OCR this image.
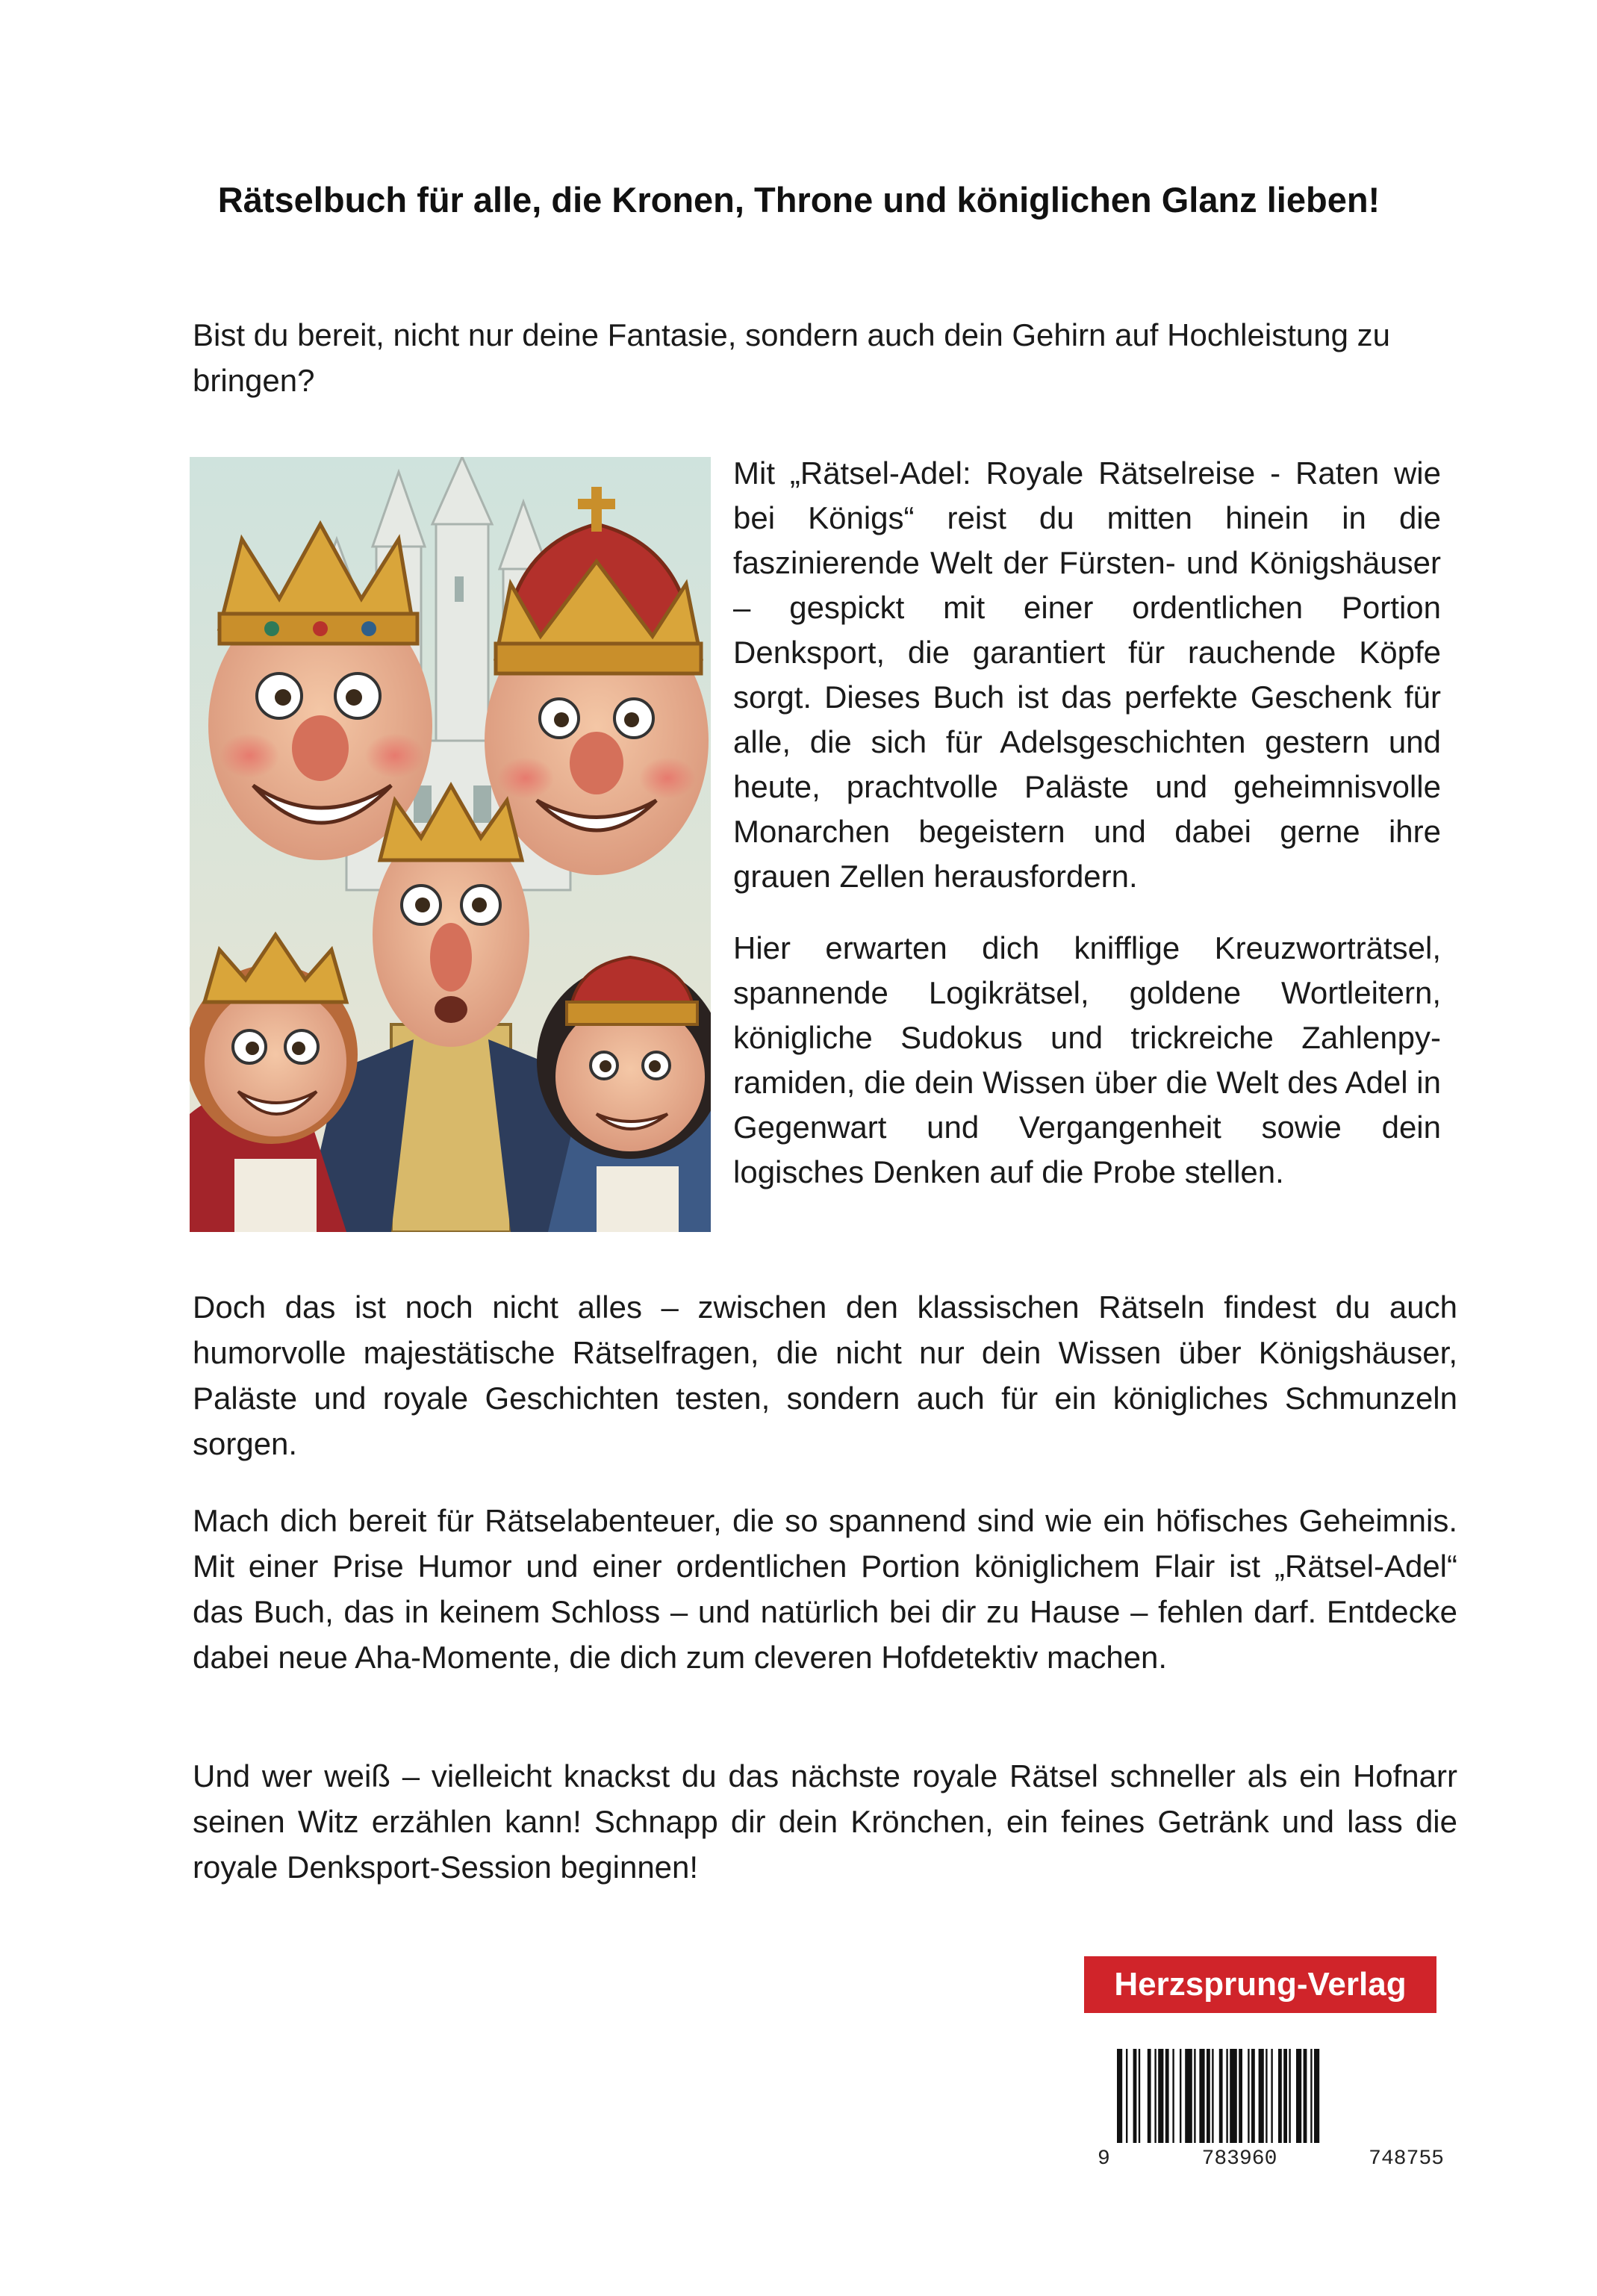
Rätselbuch für alle, die Kronen, Throne und königlichen Glanz lieben!
Bist du bereit, nicht nur deine Fantasie, sondern auch dein Gehirn auf Hochleistung zu bringen?
Mit „Rätsel-Adel: Royale Rätselreise - Raten wie bei Königs“ reist du mitten hinein in die faszinierende Welt der Fürsten- und Königshäuser – gespickt mit einer ordentlichen Portion Denksport, die garantiert für rauchende Köpfe sorgt. Dieses Buch ist das perfekte Geschenk für alle, die sich für Adelsgeschichten gestern und heute, prachtvolle Paläste und geheimnisvolle Monarchen begeistern und dabei gerne ihre grauen Zellen herausfordern.
Hier erwarten dich knifflige Kreuzworträtsel, spannende Logikrätsel, goldene Wortleitern, königliche Sudokus und trickreiche Zahlenpyramiden, die dein Wissen über die Welt des Adel in Gegenwart und Vergangenheit sowie dein logisches Denken auf die Probe stellen.
Doch das ist noch nicht alles – zwischen den klassischen Rätseln findest du auch humorvolle majestätische Rätselfragen, die nicht nur dein Wissen über Königshäuser, Paläste und royale Geschichten testen, sondern auch für ein königliches Schmunzeln sorgen.
Mach dich bereit für Rätselabenteuer, die so spannend sind wie ein höfisches Geheimnis. Mit einer Prise Humor und einer ordentlichen Portion königlichem Flair ist „Rätsel-Adel“ das Buch, das in keinem Schloss – und natürlich bei dir zu Hause – fehlen darf. Entdecke dabei neue Aha-Momente, die dich zum cleveren Hofdetektiv machen.
Und wer weiß – vielleicht knackst du das nächste royale Rätsel schneller als ein Hofnarr seinen Witz erzählen kann! Schnapp dir dein Krönchen, ein feines Getränk und lass die royale Denksport-Session beginnen!
Herzsprung-Verlag
9	783960	748755
